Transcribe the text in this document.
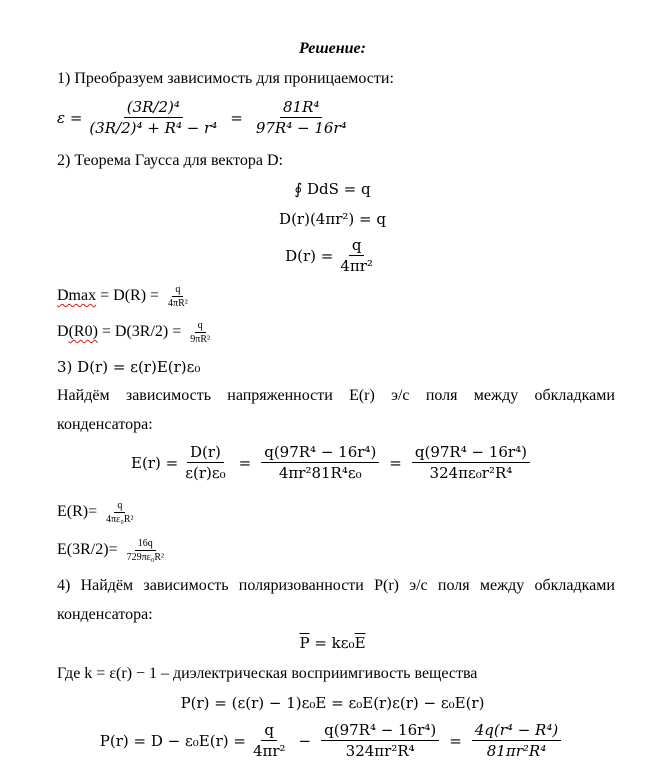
Решение:
1) Преобразуем зависимость для проницаемости:
$\varepsilon = \frac{\text{(3R/2)⁴}}{\text{(3R/2)⁴ + R⁴ − r⁴}} = \frac{\text{81R⁴}}{\text{97R⁴ − 16r⁴}}$
2) Теорема Гаусса для вектора D:
∮ DdS = q
D(r)(4πr²) = q
$D(r) = \frac{q}{\text{4πr²}}$
$Dmax = D(R) = \frac{q}{\text{4πR²}}$
$D(R0) = D(3R/2) = \frac{q}{\text{9πR²}}$
3) D(r) = ε(r)E(r)ε₀
Найдём зависимость напряженности E(r) э/с поля между обкладками
конденсатора:
$E(r) = \frac{D(r)}{\text{ε(r)ε₀}} = \frac{\text{q(97R⁴ − 16r⁴)}}{\text{4πr²81R⁴ε₀}} = \frac{\text{q(97R⁴ − 16r⁴)}}{\text{324πε₀r²R⁴}}$
$E(R)= \frac{q}{\text{4πε₀R²}}$
$E(3R/2)= \frac{16q}{\text{729πε₀R²}}$
4) Найдём зависимость поляризованности P(r) э/с поля между обкладками
конденсатора:
$\overline{P} = k\varepsilon_0\overline{E}$
Где k = ε(r) − 1 – диэлектрическая восприимгивость вещества
P(r) = (ε(r) − 1)ε₀E = ε₀E(r)ε(r) − ε₀E(r)
$P(r) = D - \varepsilon_0E(r) = \frac{q}{\text{4πr²}} - \frac{\text{q(97R⁴ − 16r⁴)}}{\text{324πr²R⁴}} = \frac{\text{4q(r⁴ − R⁴)}}{\text{81πr²R⁴}}$
